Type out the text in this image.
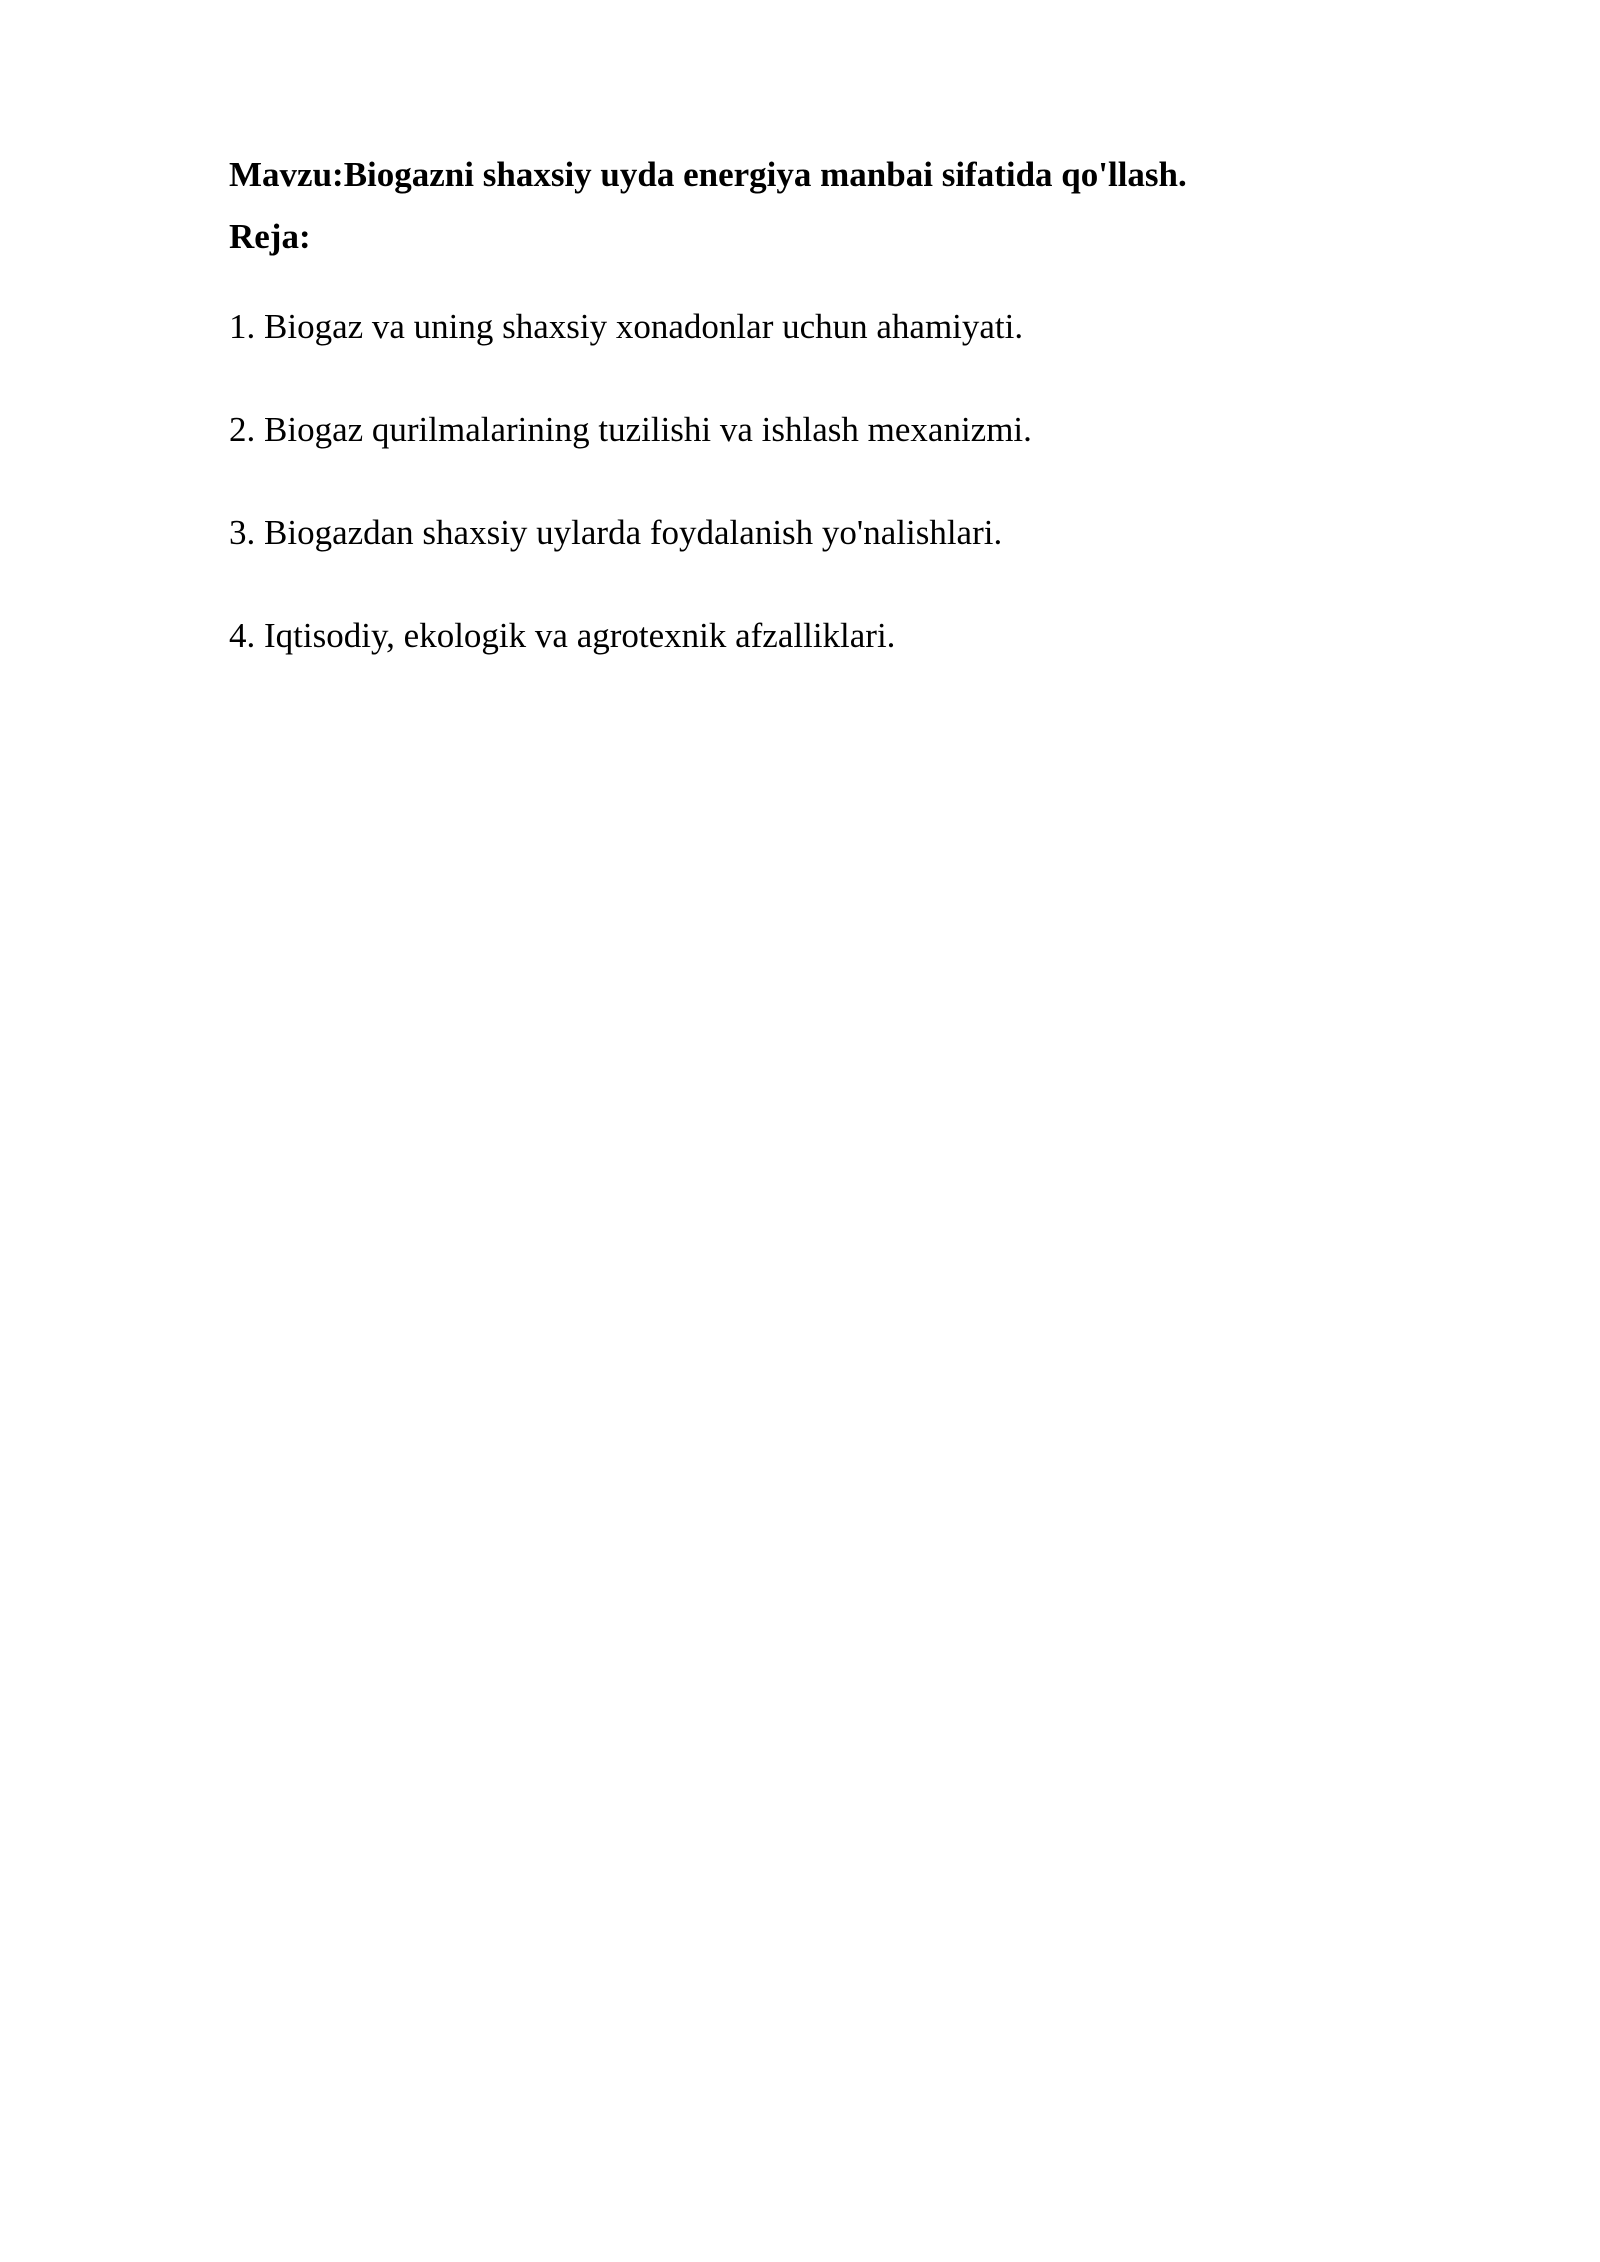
Mavzu:Biogazni shaxsiy uyda energiya manbai sifatida qo'llash.

Reja:

1. Biogaz va uning shaxsiy xonadonlar uchun ahamiyati.
2. Biogaz qurilmalarining tuzilishi va ishlash mexanizmi.
3. Biogazdan shaxsiy uylarda foydalanish yo'nalishlari.
4. Iqtisodiy, ekologik va agrotexnik afzalliklari.
